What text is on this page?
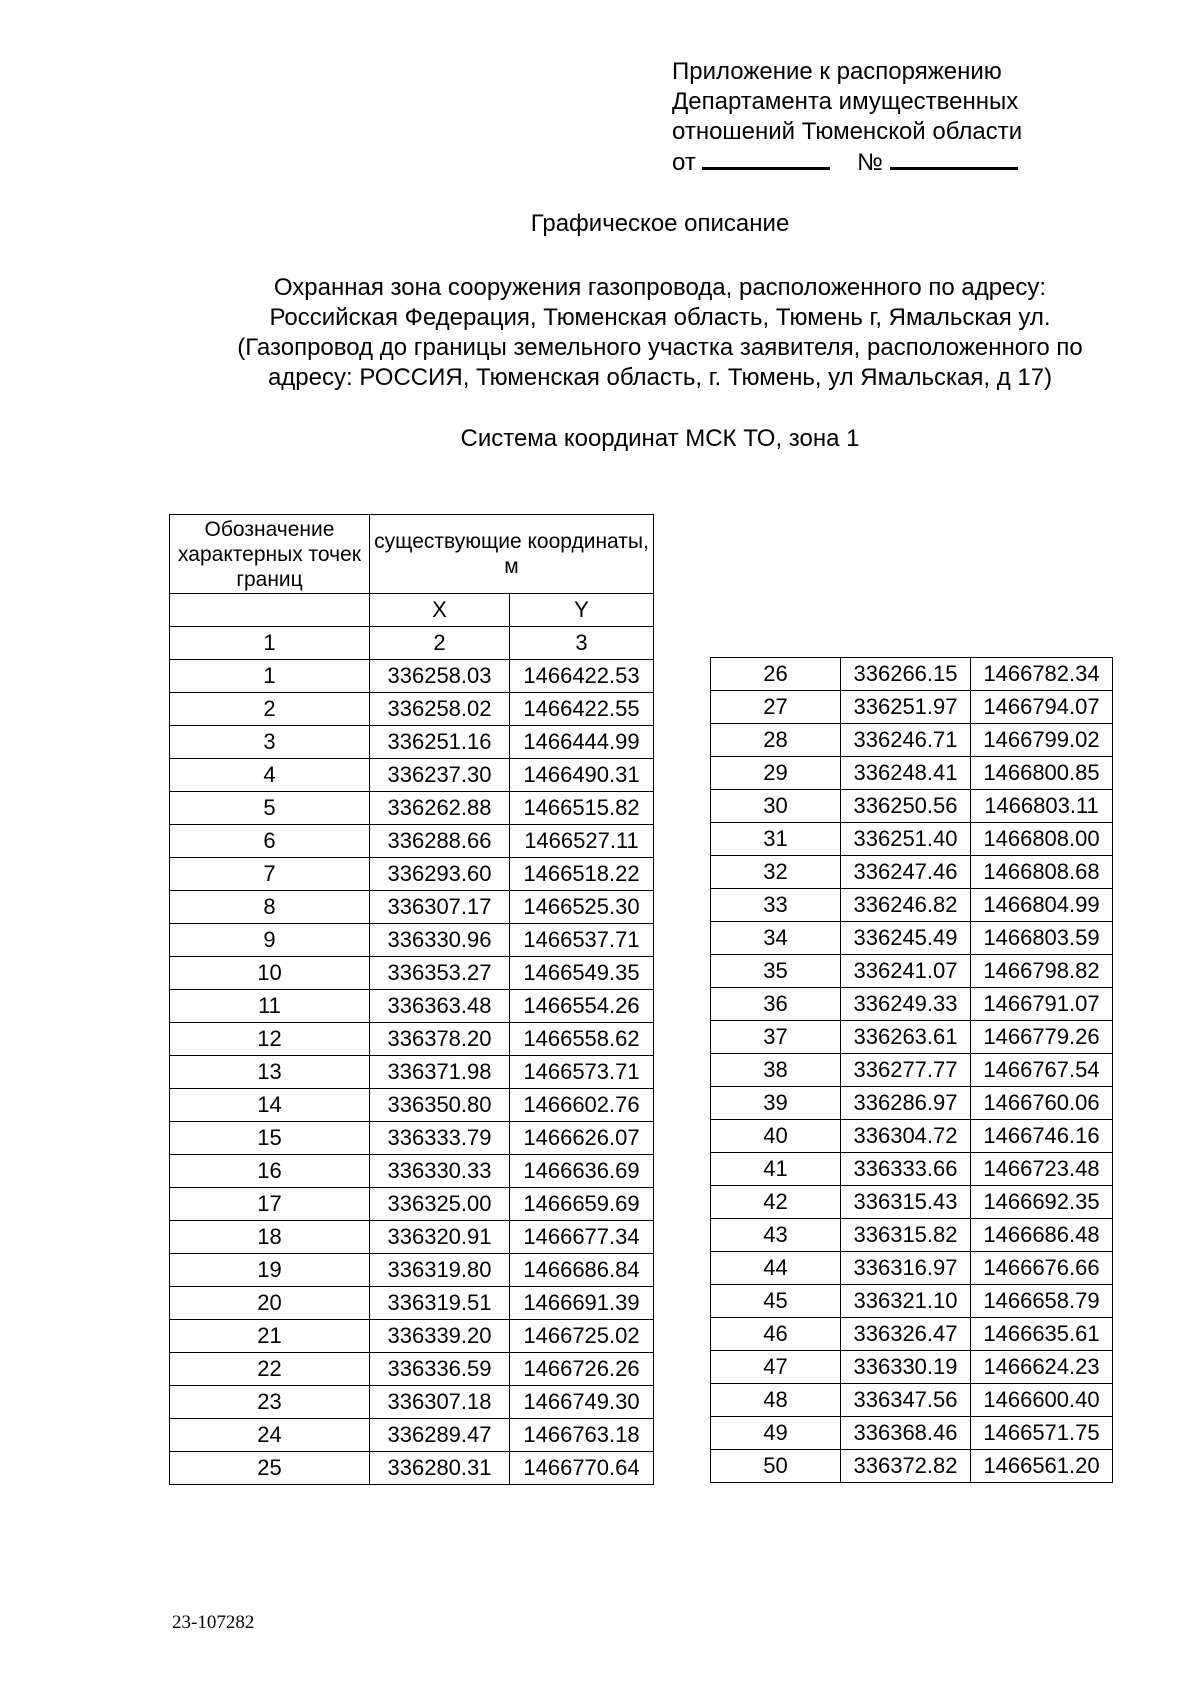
Приложение к распоряжению
Департамента имущественных
отношений Тюменской области
от	№
Графическое описание
Охранная зона сооружения газопровода, расположенного по адресу:
Российская Федерация, Тюменская область, Тюмень г, Ямальская ул.
(Газопровод до границы земельного участка заявителя, расположенного по
адресу: РОССИЯ, Тюменская область, г. Тюмень, ул Ямальская, д 17)
Система координат МСК ТО, зона 1
Обозначение характерных точек границ	существующие координаты, м	
	X	Y
1	2	3
1	336258.03	1466422.53
2	336258.02	1466422.55
3	336251.16	1466444.99
4	336237.30	1466490.31
5	336262.88	1466515.82
6	336288.66	1466527.11
7	336293.60	1466518.22
8	336307.17	1466525.30
9	336330.96	1466537.71
10	336353.27	1466549.35
11	336363.48	1466554.26
12	336378.20	1466558.62
13	336371.98	1466573.71
14	336350.80	1466602.76
15	336333.79	1466626.07
16	336330.33	1466636.69
17	336325.00	1466659.69
18	336320.91	1466677.34
19	336319.80	1466686.84
20	336319.51	1466691.39
21	336339.20	1466725.02
22	336336.59	1466726.26
23	336307.18	1466749.30
24	336289.47	1466763.18
25	336280.31	1466770.64
26	336266.15	1466782.34
27	336251.97	1466794.07
28	336246.71	1466799.02
29	336248.41	1466800.85
30	336250.56	1466803.11
31	336251.40	1466808.00
32	336247.46	1466808.68
33	336246.82	1466804.99
34	336245.49	1466803.59
35	336241.07	1466798.82
36	336249.33	1466791.07
37	336263.61	1466779.26
38	336277.77	1466767.54
39	336286.97	1466760.06
40	336304.72	1466746.16
41	336333.66	1466723.48
42	336315.43	1466692.35
43	336315.82	1466686.48
44	336316.97	1466676.66
45	336321.10	1466658.79
46	336326.47	1466635.61
47	336330.19	1466624.23
48	336347.56	1466600.40
49	336368.46	1466571.75
50	336372.82	1466561.20
23-107282
